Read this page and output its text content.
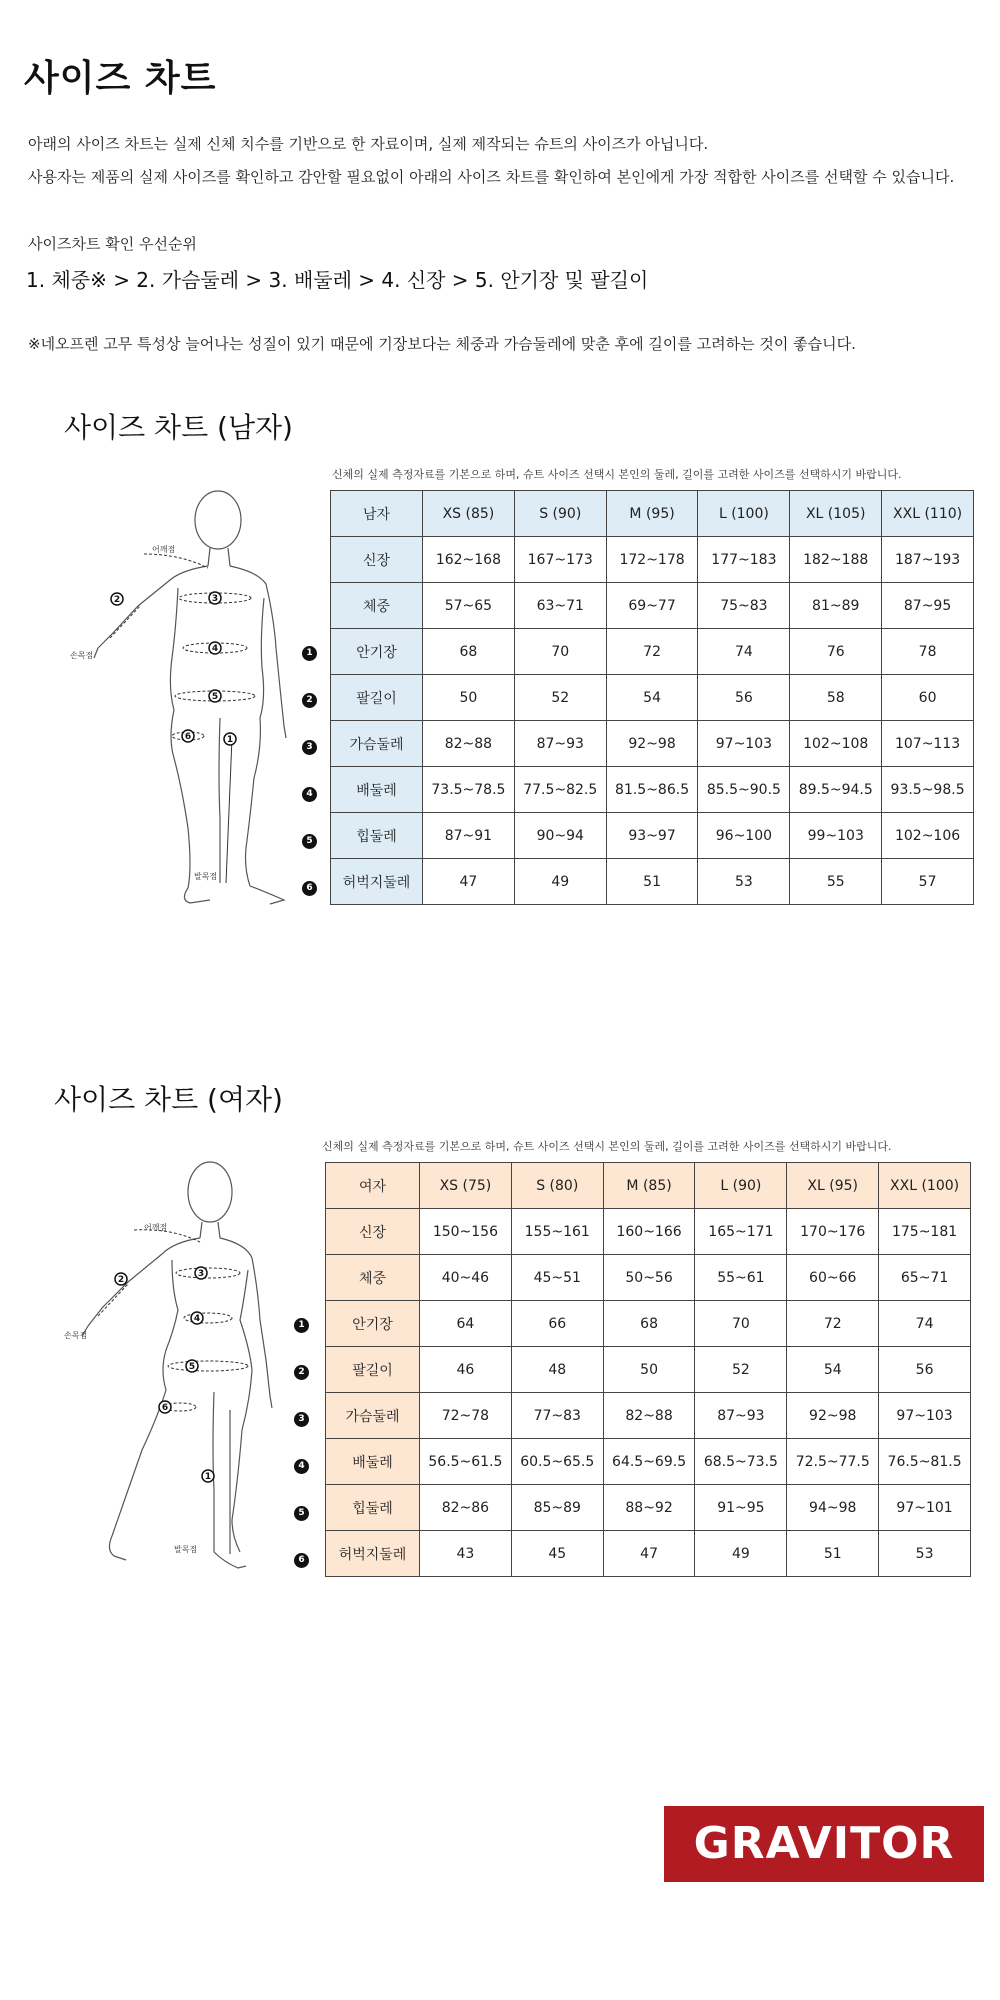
사이즈 차트
아래의 사이즈 차트는 실제 신체 치수를 기반으로 한 자료이며, 실제 제작되는 슈트의 사이즈가 아닙니다.
사용자는 제품의 실제 사이즈를 확인하고 감안할 필요없이 아래의 사이즈 차트를 확인하여 본인에게 가장 적합한 사이즈를 선택할 수 있습니다.
사이즈차트 확인 우선순위
1. 체중※ > 2. 가슴둘레 > 3. 배둘레 > 4. 신장 > 5. 안기장 및 팔길이
※네오프렌 고무 특성상 늘어나는 성질이 있기 때문에 기장보다는 체중과 가슴둘레에 맞춘 후에 길이를 고려하는 것이 좋습니다.
사이즈 차트 (남자)
신체의 실제 측정자료를 기본으로 하며, 슈트 사이즈 선택시 본인의 둘레, 길이를 고려한 사이즈를 선택하시기 바랍니다.
어깨점
손목점
발목점
2	3
4
5
6	1
1
2
3
4
5
6
남자	XS (85)	S (90)	M (95)	L (100)	XL (105)	XXL (110)
신장	162~168	167~173	172~178	177~183	182~188	187~193
체중	57~65	63~71	69~77	75~83	81~89	87~95
안기장	68	70	72	74	76	78
팔길이	50	52	54	56	58	60
가슴둘레	82~88	87~93	92~98	97~103	102~108	107~113
배둘레	73.5~78.5	77.5~82.5	81.5~86.5	85.5~90.5	89.5~94.5	93.5~98.5
힙둘레	87~91	90~94	93~97	96~100	99~103	102~106
허벅지둘레	47	49	51	53	55	57
사이즈 차트 (여자)
신체의 실제 측정자료를 기본으로 하며, 슈트 사이즈 선택시 본인의 둘레, 길이를 고려한 사이즈를 선택하시기 바랍니다.
어깨점
손목점
발목점
2
3
4
5
6
1
1
2
3
4
5
6
여자	XS (75)	S (80)	M (85)	L (90)	XL (95)	XXL (100)
신장	150~156	155~161	160~166	165~171	170~176	175~181
체중	40~46	45~51	50~56	55~61	60~66	65~71
안기장	64	66	68	70	72	74
팔길이	46	48	50	52	54	56
가슴둘레	72~78	77~83	82~88	87~93	92~98	97~103
배둘레	56.5~61.5	60.5~65.5	64.5~69.5	68.5~73.5	72.5~77.5	76.5~81.5
힙둘레	82~86	85~89	88~92	91~95	94~98	97~101
허벅지둘레	43	45	47	49	51	53
GRAVITOR
